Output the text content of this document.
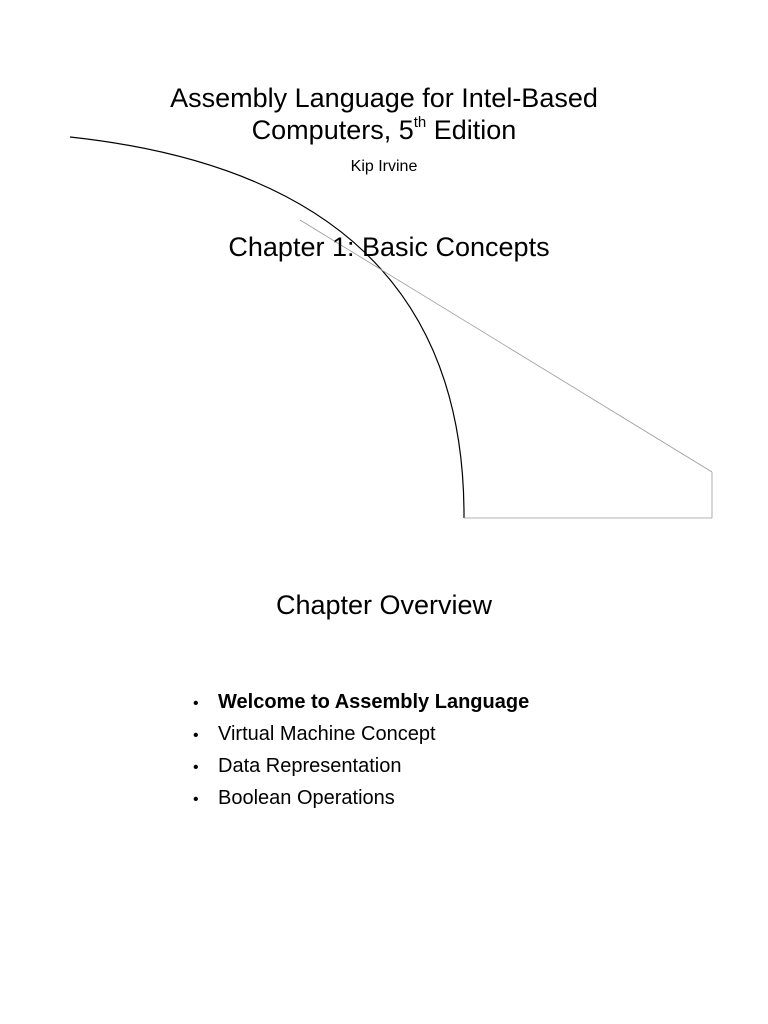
Assembly Language for Intel-Based
Computers, 5th Edition
Kip Irvine
Chapter 1: Basic Concepts
Chapter Overview
• Welcome to Assembly Language
• Virtual Machine Concept
• Data Representation
• Boolean Operations
